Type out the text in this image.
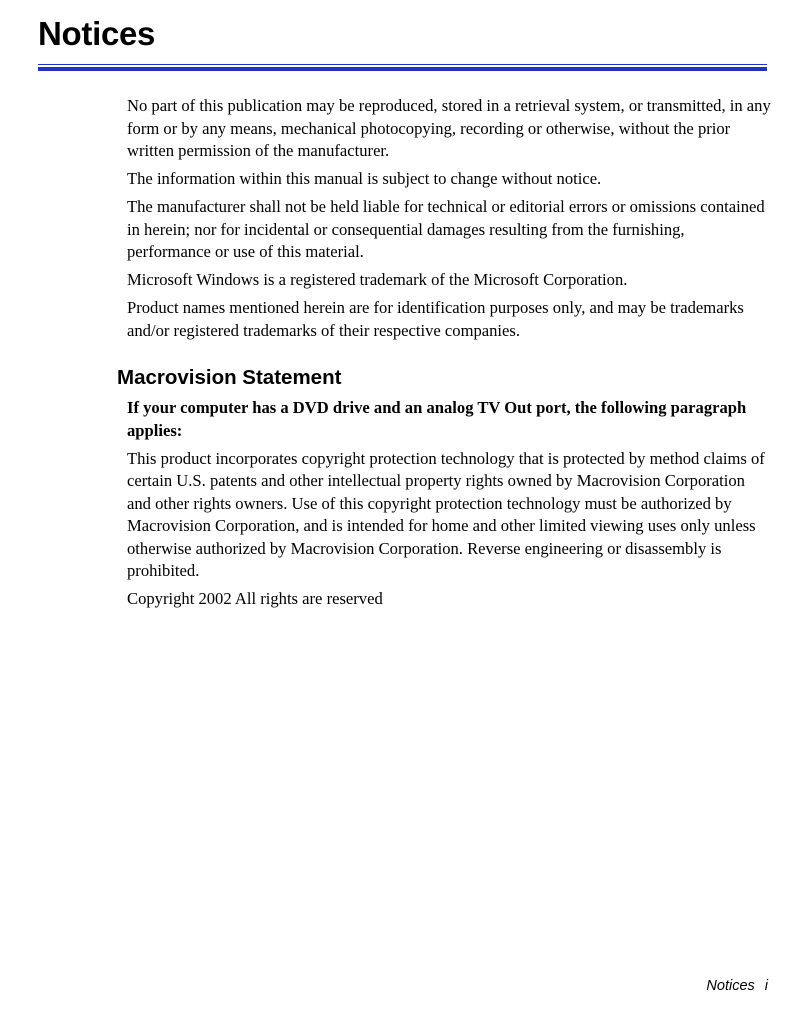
Notices

No part of this publication may be reproduced, stored in a retrieval system, or transmitted, in any form or by any means, mechanical photocopying, recording or otherwise, without the prior written permission of the manufacturer.

The information within this manual is subject to change without notice.

The manufacturer shall not be held liable for technical or editorial errors or omissions contained in herein; nor for incidental or consequential damages resulting from the furnishing, performance or use of this material.

Microsoft Windows is a registered trademark of the Microsoft Corporation.

Product names mentioned herein are for identification purposes only, and may be trademarks and/or registered trademarks of their respective companies.

Macrovision Statement

If your computer has a DVD drive and an analog TV Out port, the following paragraph applies:

This product incorporates copyright protection technology that is protected by method claims of certain U.S. patents and other intellectual property rights owned by Macrovision Corporation and other rights owners. Use of this copyright protection technology must be authorized by Macrovision Corporation, and is intended for home and other limited viewing uses only unless otherwise authorized by Macrovision Corporation. Reverse engineering or disassembly is prohibited.

Copyright 2002 All rights are reserved

Notices i
